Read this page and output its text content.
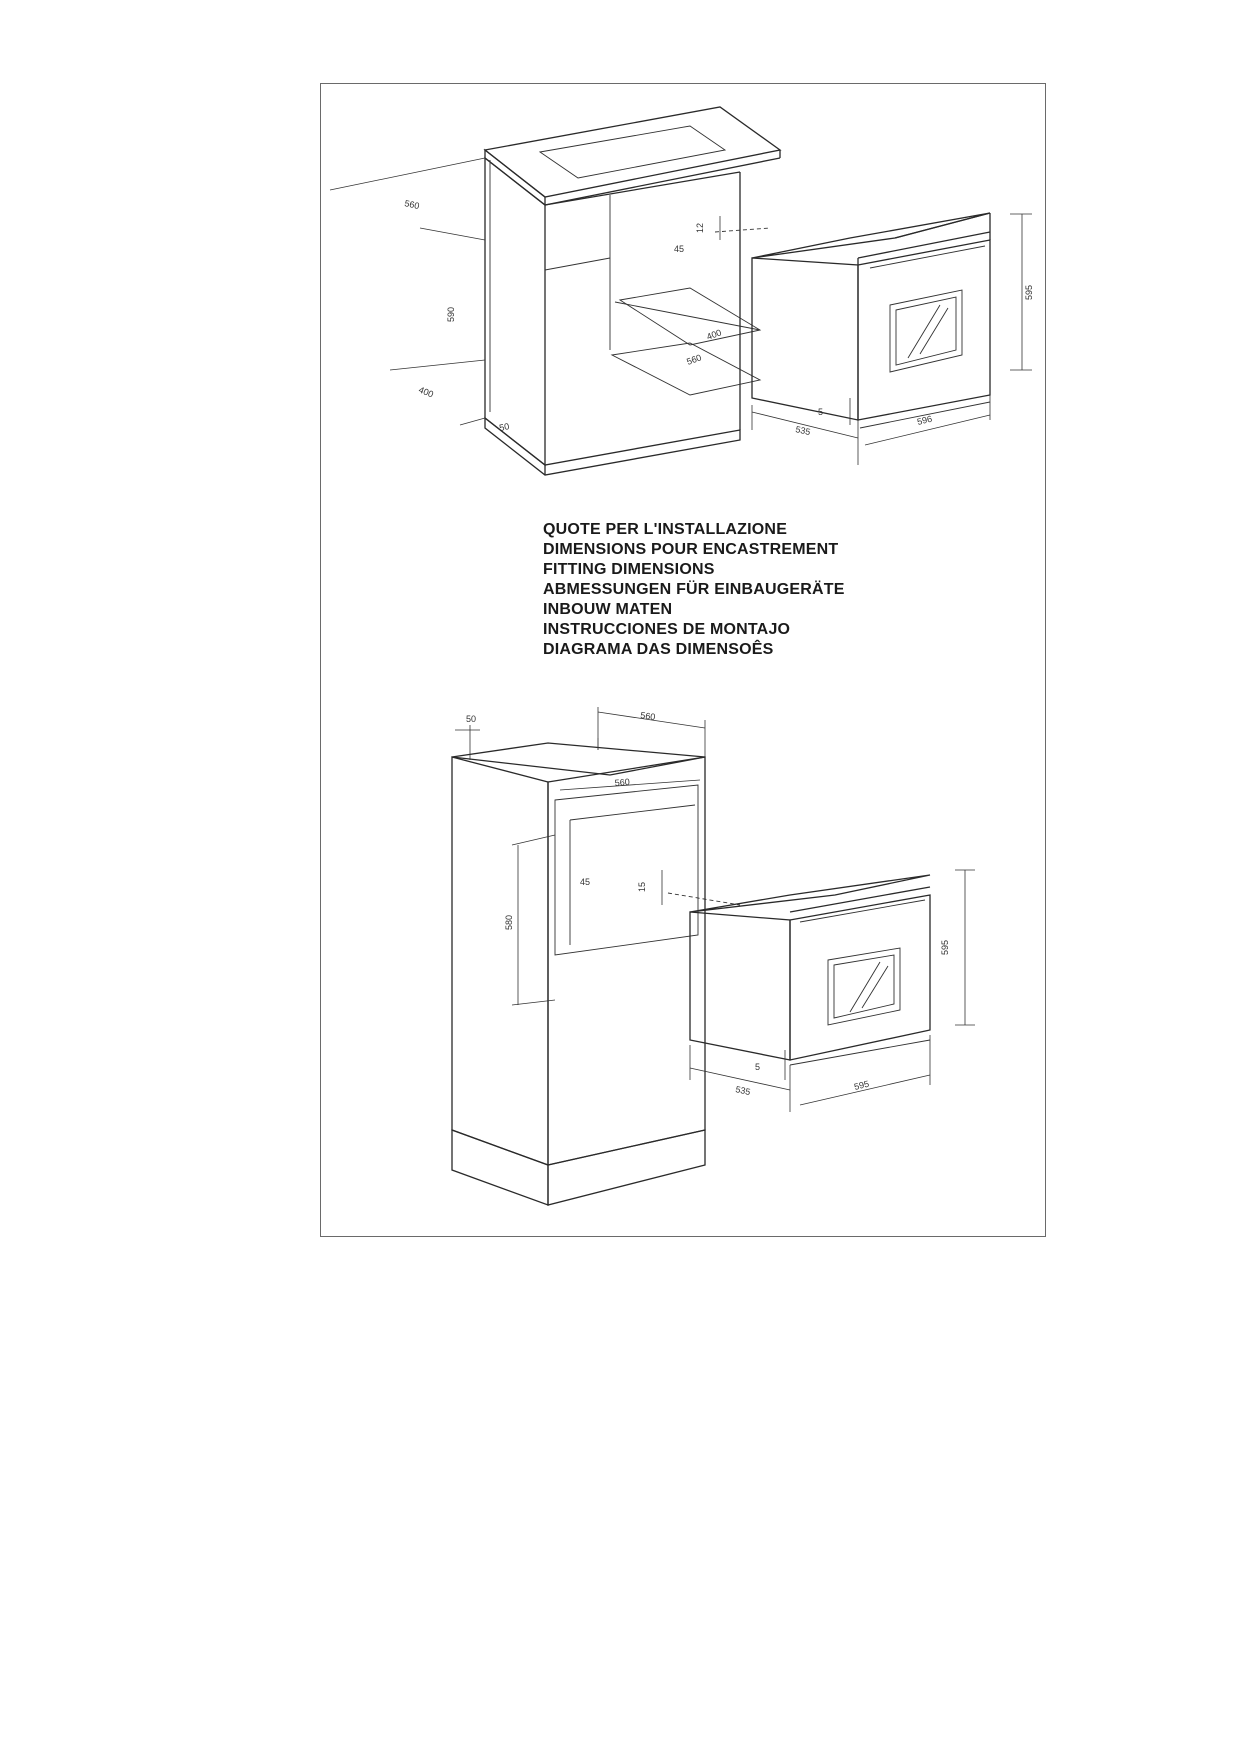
560
590
400
50
12
45
400
560
595
535
596
5
50	560
560
580
45	15
595
535	595
5
QUOTE PER L'INSTALLAZIONE
DIMENSIONS POUR ENCASTREMENT
FITTING DIMENSIONS
ABMESSUNGEN FÜR EINBAUGERÄTE
INBOUW MATEN
INSTRUCCIONES DE MONTAJO
DIAGRAMA DAS DIMENSOÊS
